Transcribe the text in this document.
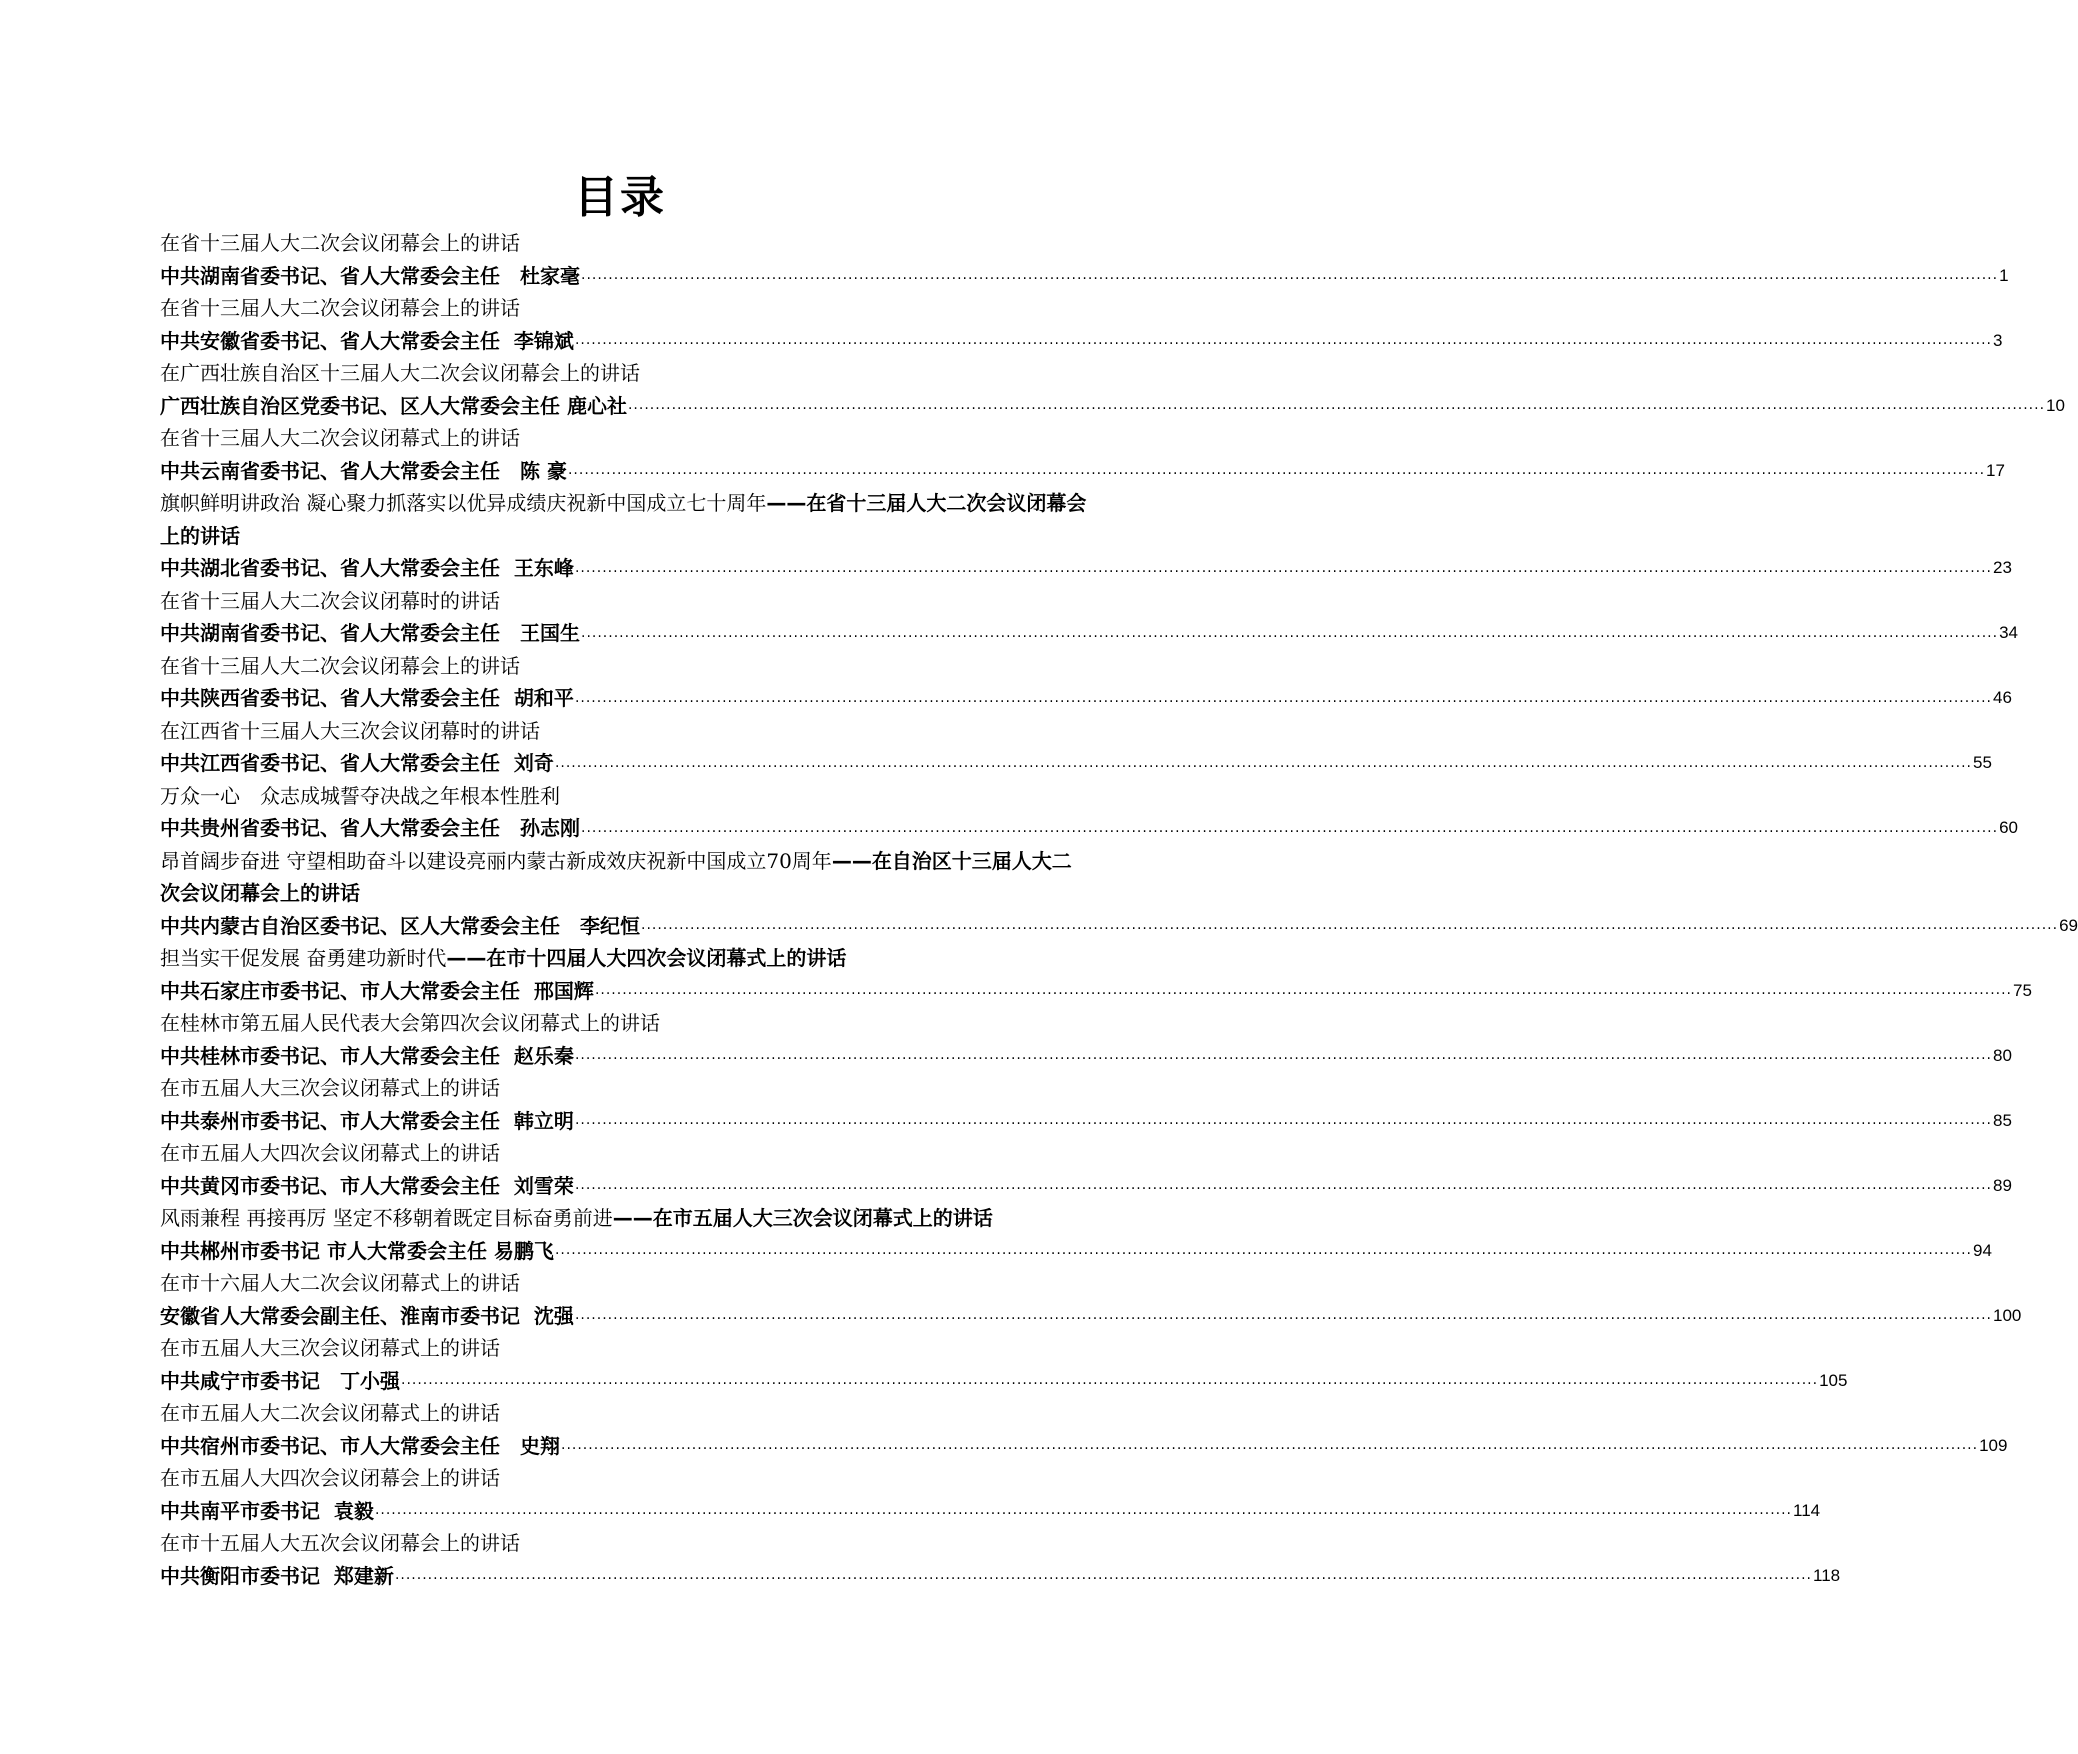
目录
在省十三届人大二次会议闭幕会上的讲话
中共湖南省委书记、省人大常委会主任　杜家毫 .................................................................................................................................................................................................................................................................... 1
在省十三届人大二次会议闭幕会上的讲话
中共安徽省委书记、省人大常委会主任  李锦斌 .................................................................................................................................................................................................................................................................... 3
在广西壮族自治区十三届人大二次会议闭幕会上的讲话
广西壮族自治区党委书记、区人大常委会主任 鹿心社 .................................................................................................................................................................................................................................................................... 10
在省十三届人大二次会议闭幕式上的讲话
中共云南省委书记、省人大常委会主任　陈 豪 .................................................................................................................................................................................................................................................................... 17
旗帜鲜明讲政治 凝心聚力抓落实以优异成绩庆祝新中国成立七十周年——在省十三届人大二次会议闭幕会上的讲话
中共湖北省委书记、省人大常委会主任  王东峰 .................................................................................................................................................................................................................................................................... 23
在省十三届人大二次会议闭幕时的讲话
中共湖南省委书记、省人大常委会主任　王国生 .................................................................................................................................................................................................................................................................... 34
在省十三届人大二次会议闭幕会上的讲话
中共陕西省委书记、省人大常委会主任  胡和平 .................................................................................................................................................................................................................................................................... 46
在江西省十三届人大三次会议闭幕时的讲话
中共江西省委书记、省人大常委会主任  刘奇 .................................................................................................................................................................................................................................................................... 55
万众一心　众志成城誓夺决战之年根本性胜利
中共贵州省委书记、省人大常委会主任　孙志刚 .................................................................................................................................................................................................................................................................... 60
昂首阔步奋进 守望相助奋斗以建设亮丽内蒙古新成效庆祝新中国成立70周年——在自治区十三届人大二次会议闭幕会上的讲话
中共内蒙古自治区委书记、区人大常委会主任　李纪恒 .................................................................................................................................................................................................................................................................... 69
担当实干促发展 奋勇建功新时代——在市十四届人大四次会议闭幕式上的讲话
中共石家庄市委书记、市人大常委会主任  邢国辉 .................................................................................................................................................................................................................................................................... 75
在桂林市第五届人民代表大会第四次会议闭幕式上的讲话
中共桂林市委书记、市人大常委会主任  赵乐秦 .................................................................................................................................................................................................................................................................... 80
在市五届人大三次会议闭幕式上的讲话
中共泰州市委书记、市人大常委会主任  韩立明 .................................................................................................................................................................................................................................................................... 85
在市五届人大四次会议闭幕式上的讲话
中共黄冈市委书记、市人大常委会主任  刘雪荣 .................................................................................................................................................................................................................................................................... 89
风雨兼程 再接再厉 坚定不移朝着既定目标奋勇前进——在市五届人大三次会议闭幕式上的讲话
中共郴州市委书记 市人大常委会主任 易鹏飞 .................................................................................................................................................................................................................................................................... 94
在市十六届人大二次会议闭幕式上的讲话
安徽省人大常委会副主任、淮南市委书记  沈强 .................................................................................................................................................................................................................................................................... 100
在市五届人大三次会议闭幕式上的讲话
中共咸宁市委书记　丁小强 .................................................................................................................................................................................................................................................................... 105
在市五届人大二次会议闭幕式上的讲话
中共宿州市委书记、市人大常委会主任　史翔 .................................................................................................................................................................................................................................................................... 109
在市五届人大四次会议闭幕会上的讲话
中共南平市委书记  袁毅 .................................................................................................................................................................................................................................................................... 114
在市十五届人大五次会议闭幕会上的讲话
中共衡阳市委书记  郑建新 .................................................................................................................................................................................................................................................................... 118
